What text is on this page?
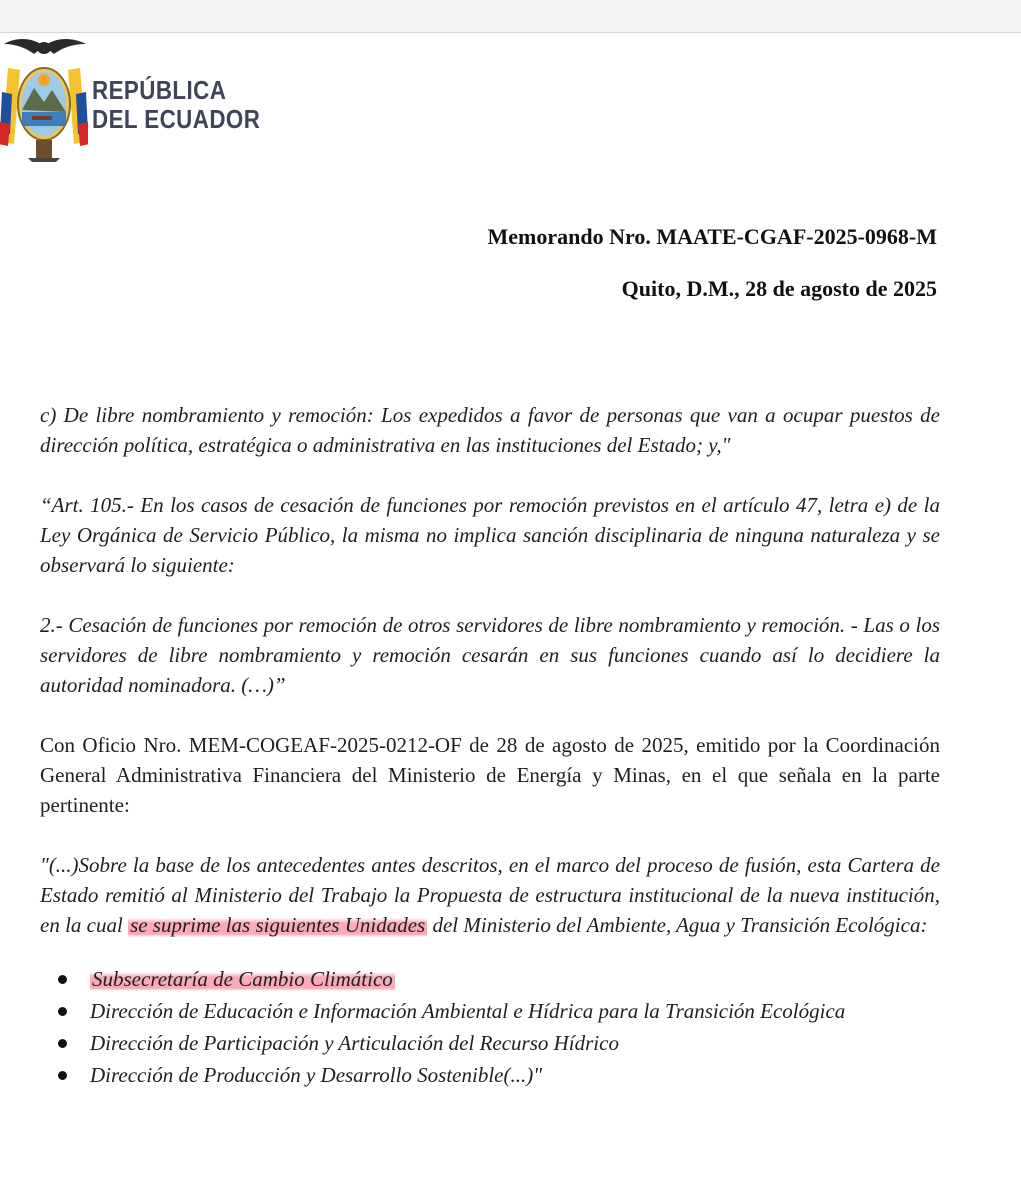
REPÚBLICA
DEL ECUADOR
Memorando Nro. MAATE-CGAF-2025-0968-M
Quito, D.M., 28 de agosto de 2025

c) De libre nombramiento y remoción: Los expedidos a favor de personas que van a ocupar puestos de dirección política, estratégica o administrativa en las instituciones del Estado; y,"

“Art. 105.- En los casos de cesación de funciones por remoción previstos en el artículo 47, letra e) de la Ley Orgánica de Servicio Público, la misma no implica sanción disciplinaria de ninguna naturaleza y se observará lo siguiente:

2.- Cesación de funciones por remoción de otros servidores de libre nombramiento y remoción. - Las o los servidores de libre nombramiento y remoción cesarán en sus funciones cuando así lo decidiere la autoridad nominadora. (…)”

Con Oficio Nro. MEM-COGEAF-2025-0212-OF de 28 de agosto de 2025, emitido por la Coordinación General Administrativa Financiera del Ministerio de Energía y Minas, en el que señala en la parte pertinente:

"(...)Sobre la base de los antecedentes antes descritos, en el marco del proceso de fusión, esta Cartera de Estado remitió al Ministerio del Trabajo la Propuesta de estructura institucional de la nueva institución, en la cual se suprime las siguientes Unidades del Ministerio del Ambiente, Agua y Transición Ecológica:

Subsecretaría de Cambio Climático
Dirección de Educación e Información Ambiental e Hídrica para la Transición Ecológica
Dirección de Participación y Articulación del Recurso Hídrico
Dirección de Producción y Desarrollo Sostenible(...)"
